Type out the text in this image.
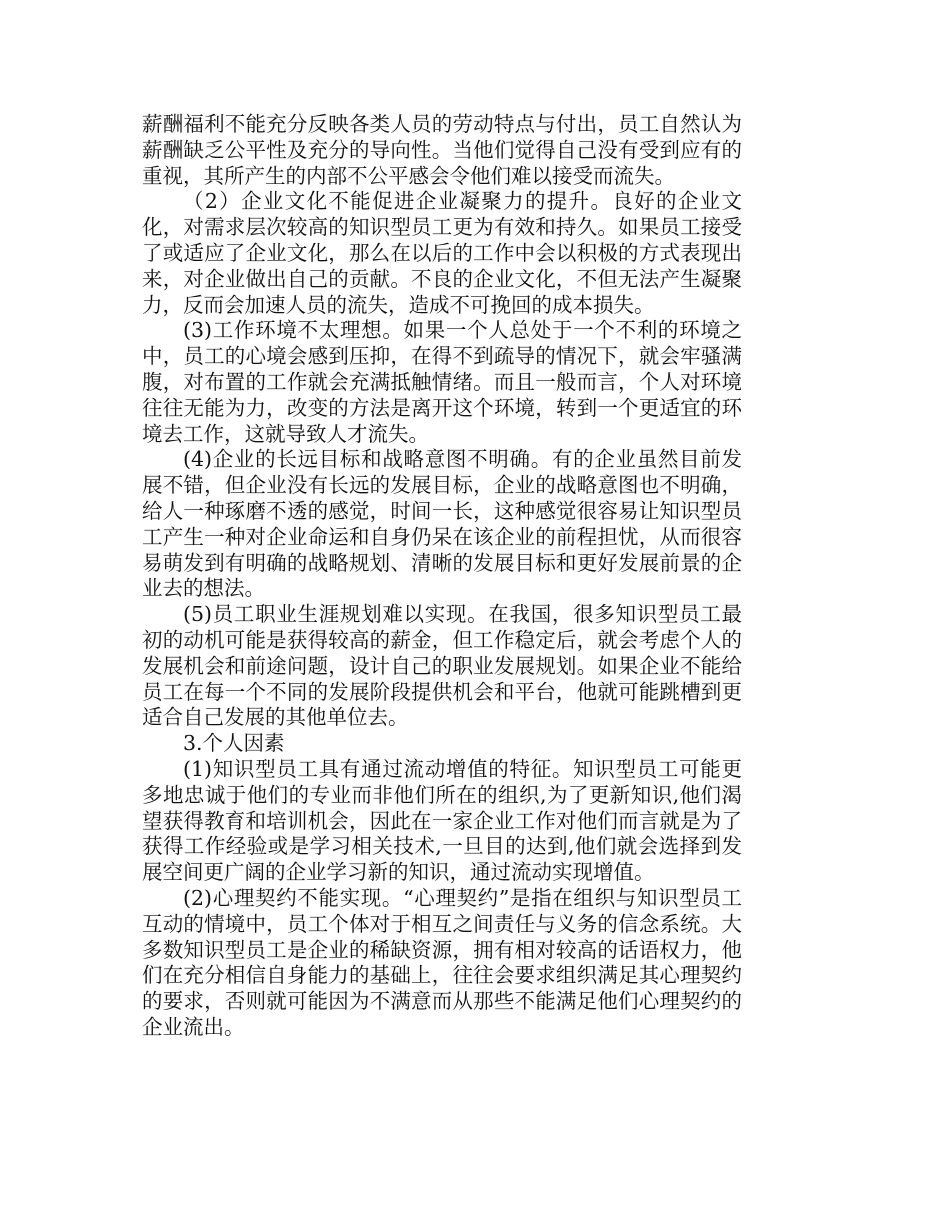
薪酬福利不能充分反映各类人员的劳动特点与付出，员工自然认为薪酬缺乏公平性及充分的导向性。当他们觉得自己没有受到应有的重视，其所产生的内部不公平感会令他们难以接受而流失。

（2）企业文化不能促进企业凝聚力的提升。良好的企业文化，对需求层次较高的知识型员工更为有效和持久。如果员工接受了或适应了企业文化，那么在以后的工作中会以积极的方式表现出来，对企业做出自己的贡献。不良的企业文化，不但无法产生凝聚力，反而会加速人员的流失，造成不可挽回的成本损失。

(3)工作环境不太理想。如果一个人总处于一个不利的环境之中，员工的心境会感到压抑，在得不到疏导的情况下，就会牢骚满腹，对布置的工作就会充满抵触情绪。而且一般而言，个人对环境往往无能为力，改变的方法是离开这个环境，转到一个更适宜的环境去工作，这就导致人才流失。

(4)企业的长远目标和战略意图不明确。有的企业虽然目前发展不错，但企业没有长远的发展目标，企业的战略意图也不明确，给人一种琢磨不透的感觉，时间一长，这种感觉很容易让知识型员工产生一种对企业命运和自身仍呆在该企业的前程担忧，从而很容易萌发到有明确的战略规划、清晰的发展目标和更好发展前景的企业去的想法。

(5)员工职业生涯规划难以实现。在我国，很多知识型员工最初的动机可能是获得较高的薪金，但工作稳定后，就会考虑个人的发展机会和前途问题，设计自己的职业发展规划。如果企业不能给员工在每一个不同的发展阶段提供机会和平台，他就可能跳槽到更适合自己发展的其他单位去。

3.个人因素

(1)知识型员工具有通过流动增值的特征。知识型员工可能更多地忠诚于他们的专业而非他们所在的组织,为了更新知识,他们渴望获得教育和培训机会，因此在一家企业工作对他们而言就是为了获得工作经验或是学习相关技术,一旦目的达到,他们就会选择到发展空间更广阔的企业学习新的知识，通过流动实现增值。

(2)心理契约不能实现。“心理契约”是指在组织与知识型员工互动的情境中，员工个体对于相互之间责任与义务的信念系统。大多数知识型员工是企业的稀缺资源，拥有相对较高的话语权力，他们在充分相信自身能力的基础上，往往会要求组织满足其心理契约的要求，否则就可能因为不满意而从那些不能满足他们心理契约的企业流出。
